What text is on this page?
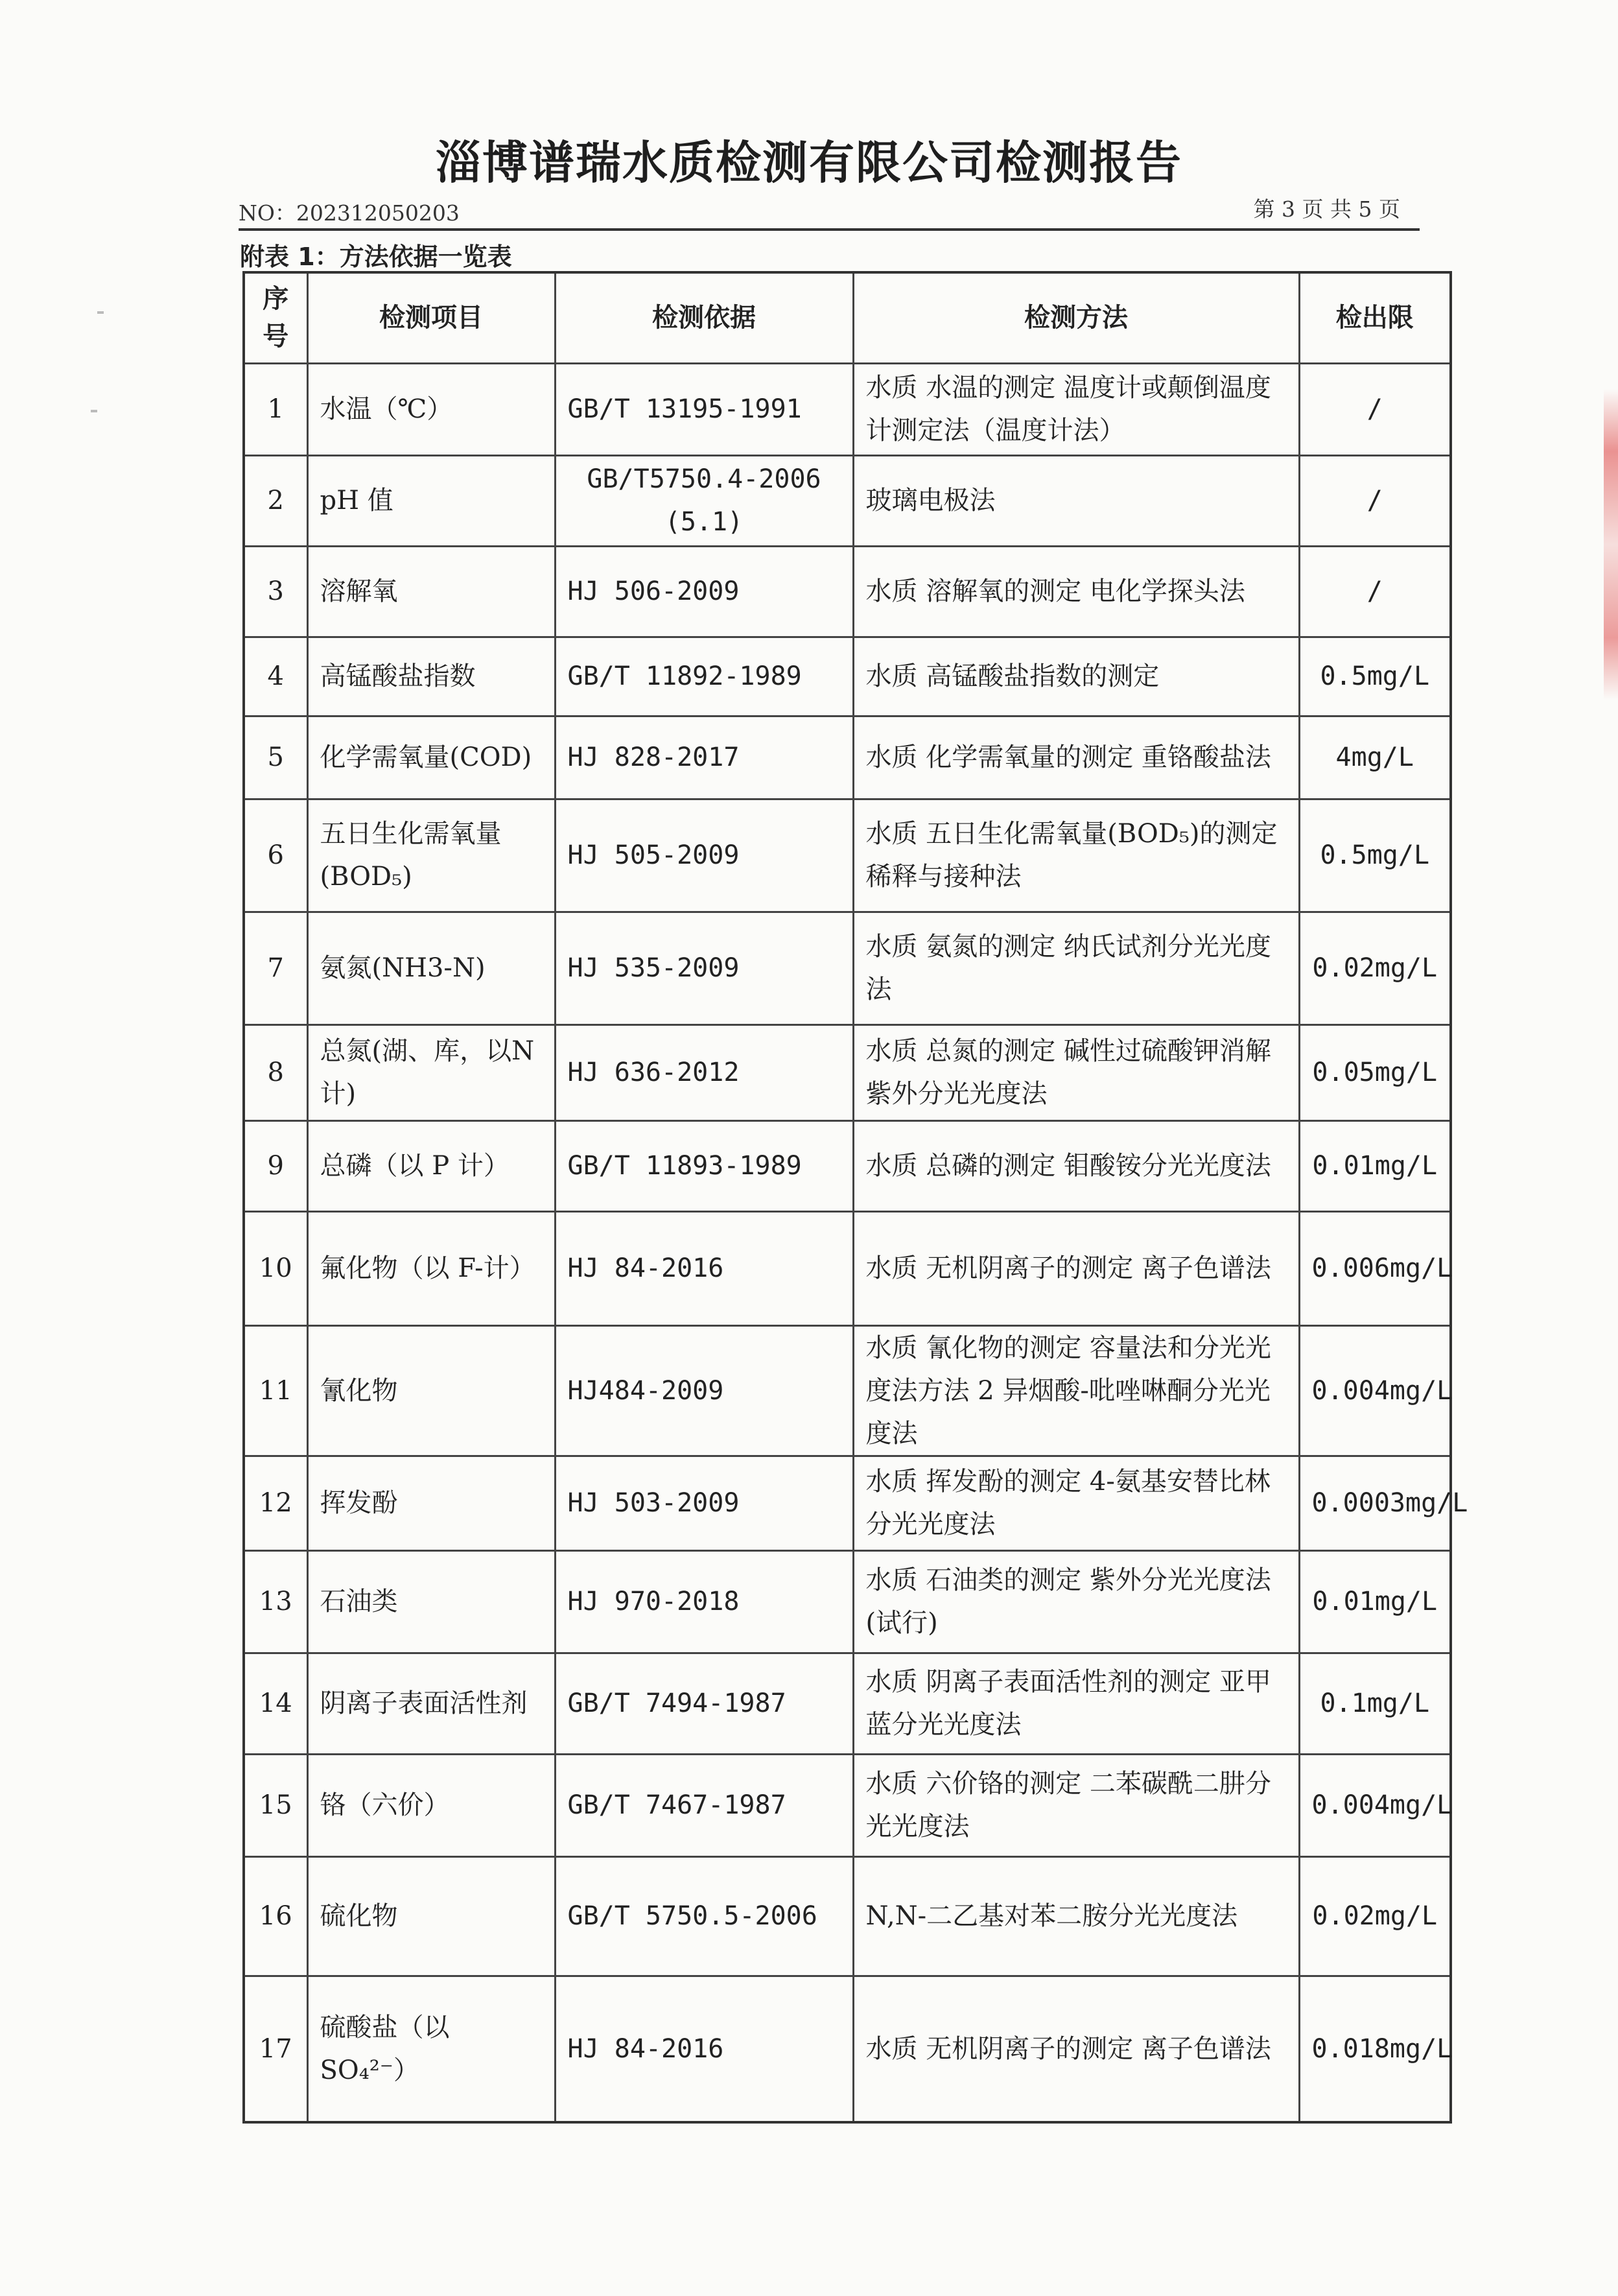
淄博谱瑞水质检测有限公司检测报告
NO：202312050203	第 3 页 共 5 页
附表 1：方法依据一览表
序号	检测项目	检测依据	检测方法	检出限
1	水温（℃）	GB/T 13195-1991	水质 水温的测定 温度计或颠倒温度计测定法（温度计法）	/
2	pH 值	GB/T5750.4-2006 (5.1)	玻璃电极法	/
3	溶解氧	HJ 506-2009	水质 溶解氧的测定 电化学探头法	/
4	高锰酸盐指数	GB/T 11892-1989	水质 高锰酸盐指数的测定	0.5mg/L
5	化学需氧量(COD)	HJ 828-2017	水质 化学需氧量的测定 重铬酸盐法	4mg/L
6	五日生化需氧量(BOD₅)	HJ 505-2009	水质 五日生化需氧量(BOD₅)的测定 稀释与接种法	0.5mg/L
7	氨氮(NH3-N)	HJ 535-2009	水质 氨氮的测定 纳氏试剂分光光度法	0.02mg/L
8	总氮(湖、库，以N 计)	HJ 636-2012	水质 总氮的测定 碱性过硫酸钾消解紫外分光光度法	0.05mg/L
9	总磷（以 P 计）	GB/T 11893-1989	水质 总磷的测定 钼酸铵分光光度法	0.01mg/L
10	氟化物（以 F-计）	HJ 84-2016	水质 无机阴离子的测定 离子色谱法	0.006mg/L
11	氰化物	HJ484-2009	水质 氰化物的测定 容量法和分光光度法方法 2 异烟酸-吡唑啉酮分光光度法	0.004mg/L
12	挥发酚	HJ 503-2009	水质 挥发酚的测定 4-氨基安替比林分光光度法	0.0003mg/L
13	石油类	HJ 970-2018	水质 石油类的测定 紫外分光光度法(试行)	0.01mg/L
14	阴离子表面活性剂	GB/T 7494-1987	水质 阴离子表面活性剂的测定 亚甲蓝分光光度法	0.1mg/L
15	铬（六价）	GB/T 7467-1987	水质 六价铬的测定 二苯碳酰二肼分光光度法	0.004mg/L
16	硫化物	GB/T 5750.5-2006	N,N-二乙基对苯二胺分光光度法	0.02mg/L
17	硫酸盐（以 SO₄²⁻）	HJ 84-2016	水质 无机阴离子的测定 离子色谱法	0.018mg/L
